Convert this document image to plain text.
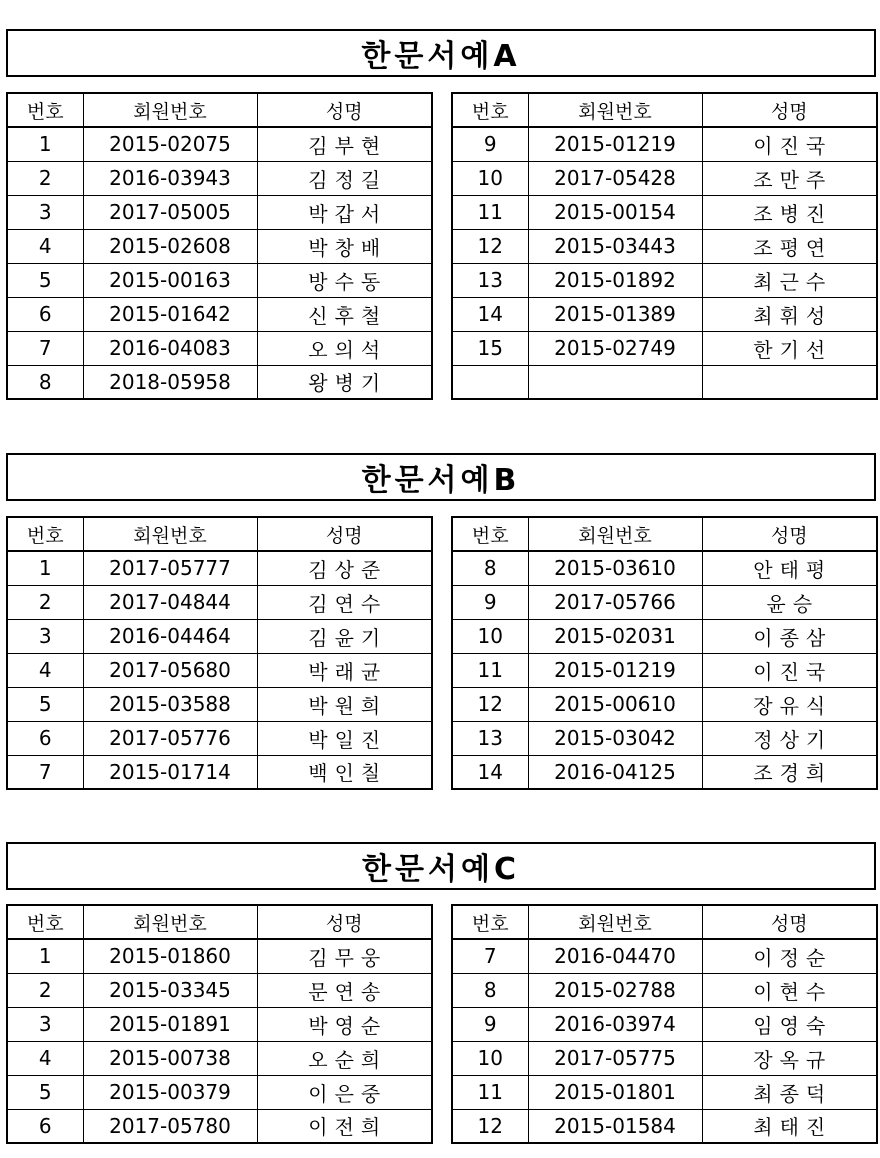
한문서예A
번호	회원번호	성명
1	2015-02075	김부현
2	2016-03943	김정길
3	2017-05005	박갑서
4	2015-02608	박창배
5	2015-00163	방수동
6	2015-01642	신후철
7	2016-04083	오의석
8	2018-05958	왕병기
번호	회원번호	성명
9	2015-01219	이진국
10	2017-05428	조만주
11	2015-00154	조병진
12	2015-03443	조평연
13	2015-01892	최근수
14	2015-01389	최휘성
15	2015-02749	한기선

한문서예B
번호	회원번호	성명
1	2017-05777	김상준
2	2017-04844	김연수
3	2016-04464	김윤기
4	2017-05680	박래균
5	2015-03588	박원희
6	2017-05776	박일진
7	2015-01714	백인칠
번호	회원번호	성명
8	2015-03610	안태평
9	2017-05766	윤승
10	2015-02031	이종삼
11	2015-01219	이진국
12	2015-00610	장유식
13	2015-03042	정상기
14	2016-04125	조경희
한문서예C
번호	회원번호	성명
1	2015-01860	김무웅
2	2015-03345	문연송
3	2015-01891	박영순
4	2015-00738	오순희
5	2015-00379	이은중
6	2017-05780	이전희
번호	회원번호	성명
7	2016-04470	이정순
8	2015-02788	이현수
9	2016-03974	임영숙
10	2017-05775	장옥규
11	2015-01801	최종덕
12	2015-01584	최태진
